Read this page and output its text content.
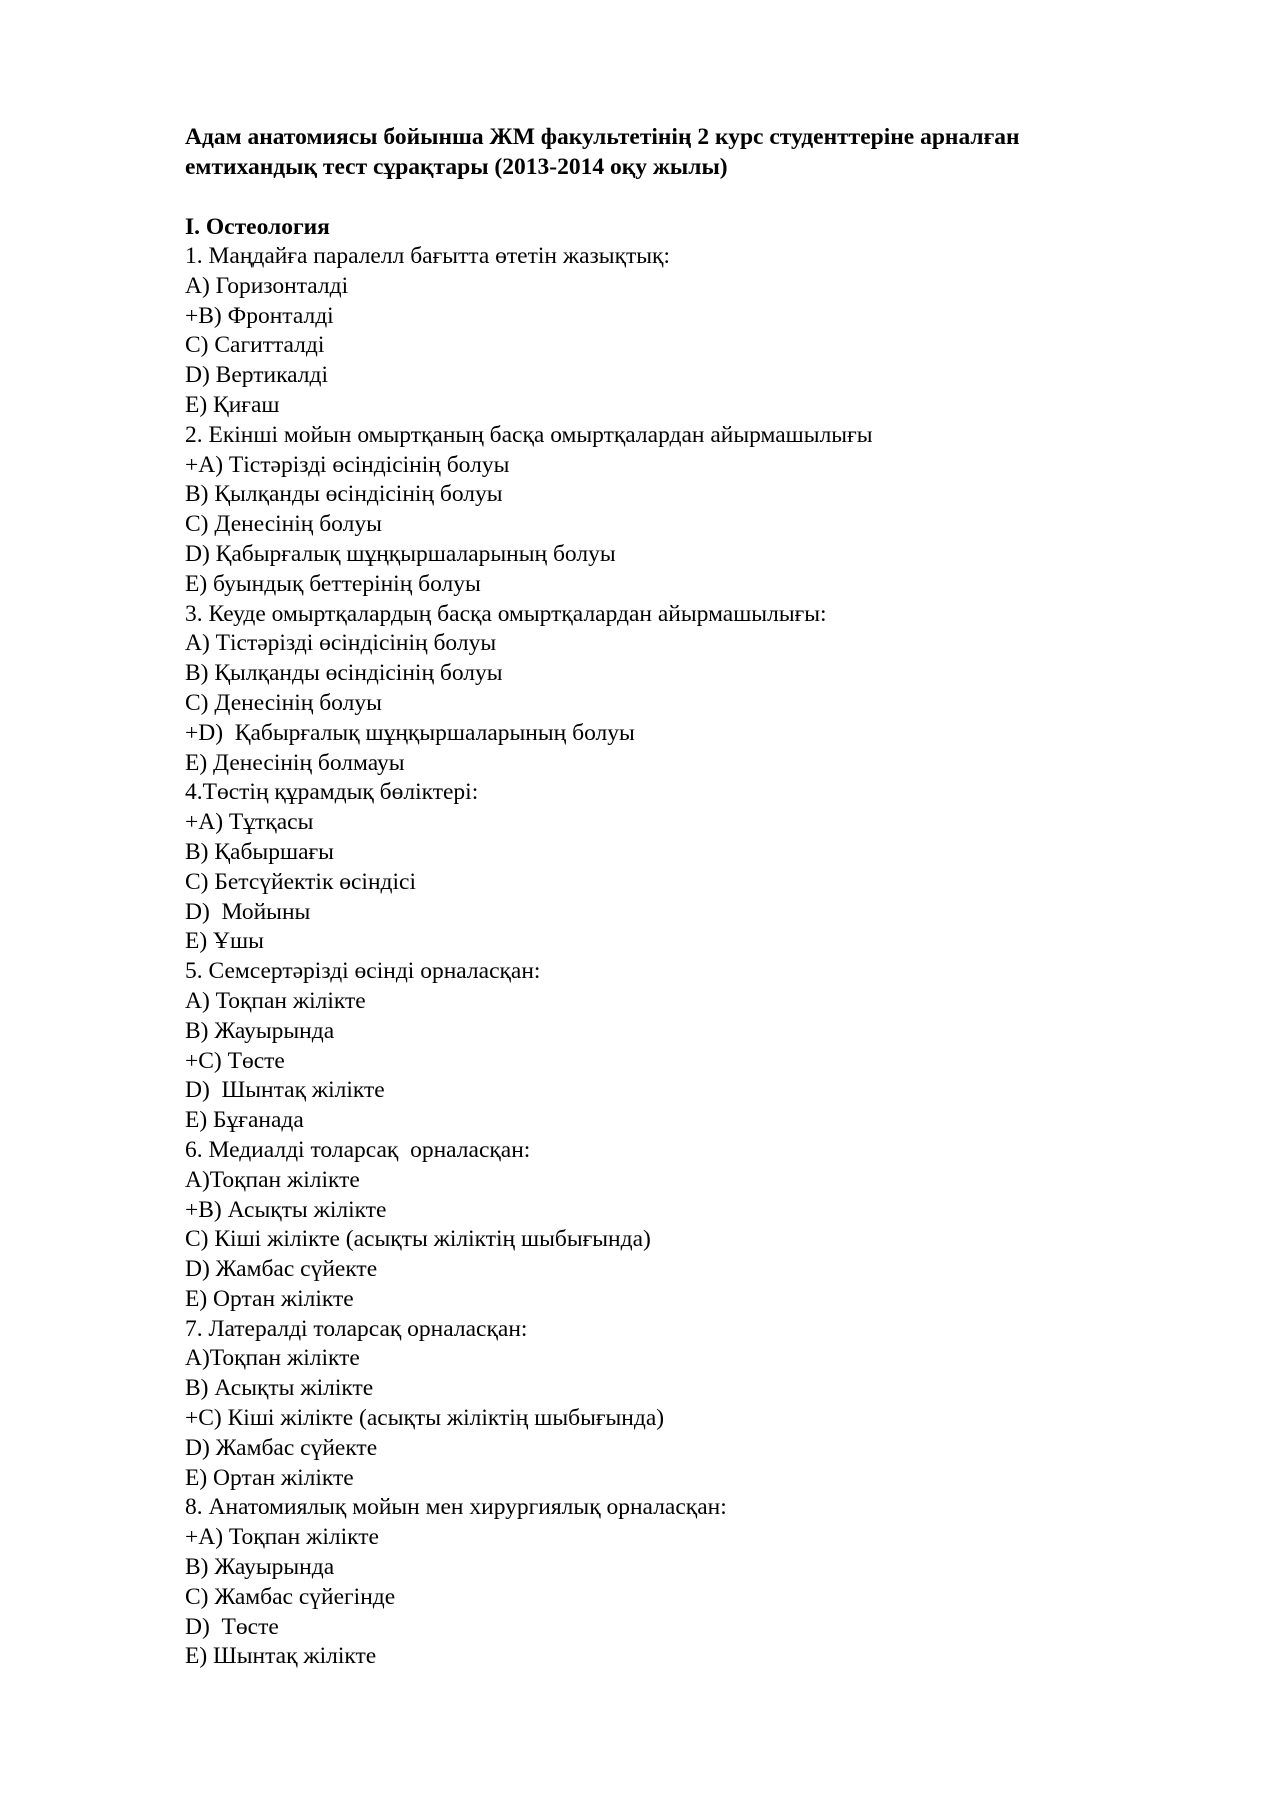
Адам анатомиясы бойынша ЖМ факультетінің 2 курс студенттеріне арналған

емтихандық тест сұрақтары (2013-2014 оқу жылы)

I. Остеология

1. Маңдайға паралелл бағытта өтетін жазықтық:

А) Горизонталді

+В) Фронталді

С) Сагитталді

D) Вертикалді

Е) Қиғаш

2. Екінші мойын омыртқаның басқа омыртқалардан айырмашылығы

+А) Тістәрізді өсіндісінің болуы

В) Қылқанды өсіндісінің болуы

С) Денесінің болуы

D) Қабырғалық шұңқыршаларының болуы

Е) буындық беттерінің болуы

3. Кеуде омыртқалардың басқа омыртқалардан айырмашылығы:

А) Тістәрізді өсіндісінің болуы

В) Қылқанды өсіндісінің болуы

С) Денесінің болуы

+D)  Қабырғалық шұңқыршаларының болуы

Е) Денесінің болмауы

4.Төстің құрамдық бөліктері:

+А) Тұтқасы

В) Қабыршағы

С) Бетсүйектік өсіндісі

D)  Мойыны

Е) Ұшы

5. Семсертәрізді өсінді орналасқан:

А) Тоқпан жілікте

В) Жауырында

+С) Төсте

D)  Шынтақ жілікте

Е) Бұғанада

6. Медиалді толарсақ  орналасқан:

А)Тоқпан жілікте

+В) Асықты жілікте

С) Кіші жілікте (асықты жіліктің шыбығында)

D) Жамбас сүйекте

Е) Ортан жілікте

7. Латералді толарсақ орналасқан:

А)Тоқпан жілікте

В) Асықты жілікте

+С) Кіші жілікте (асықты жіліктің шыбығында)

D) Жамбас сүйекте

Е) Ортан жілікте

8. Анатомиялық мойын мен хирургиялық орналасқан:

+А) Тоқпан жілікте

В) Жауырында

С) Жамбас сүйегінде

D)  Төсте

Е) Шынтақ жілікте
